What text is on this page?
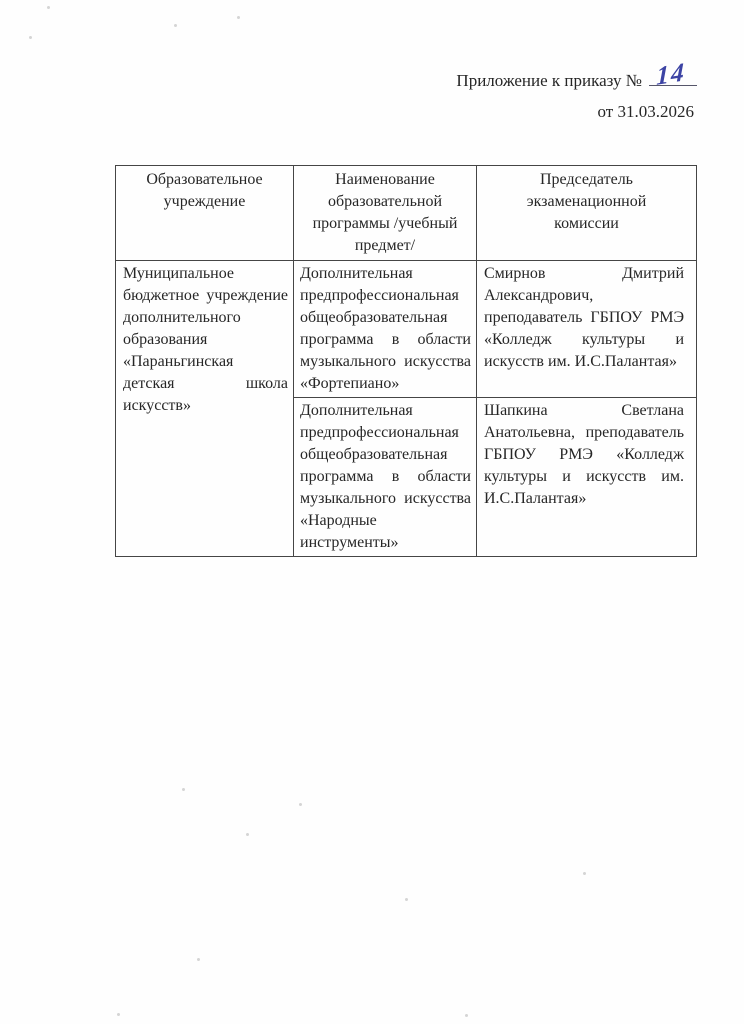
Приложение к приказу № 14
от 31.03.2026
Образовательное учреждение	Наименование образовательной программы /учебный предмет/	Председатель экзаменационной комиссии

Муниципальное бюджетное учреждение дополнительного образования «Параньгинская детская школа искусств»	Дополнительная предпрофессиональная общеобразовательная программа в области музыкального искусства «Фортепиано»	Смирнов Дмитрий Александрович, преподаватель ГБПОУ РМЭ «Колледж культуры и искусств им. И.С.Палантая»
	Дополнительная предпрофессиональная общеобразовательная программа в области музыкального искусства «Народные инструменты»	Шапкина Светлана Анатольевна, преподаватель ГБПОУ РМЭ «Колледж культуры и искусств им. И.С.Палантая»
